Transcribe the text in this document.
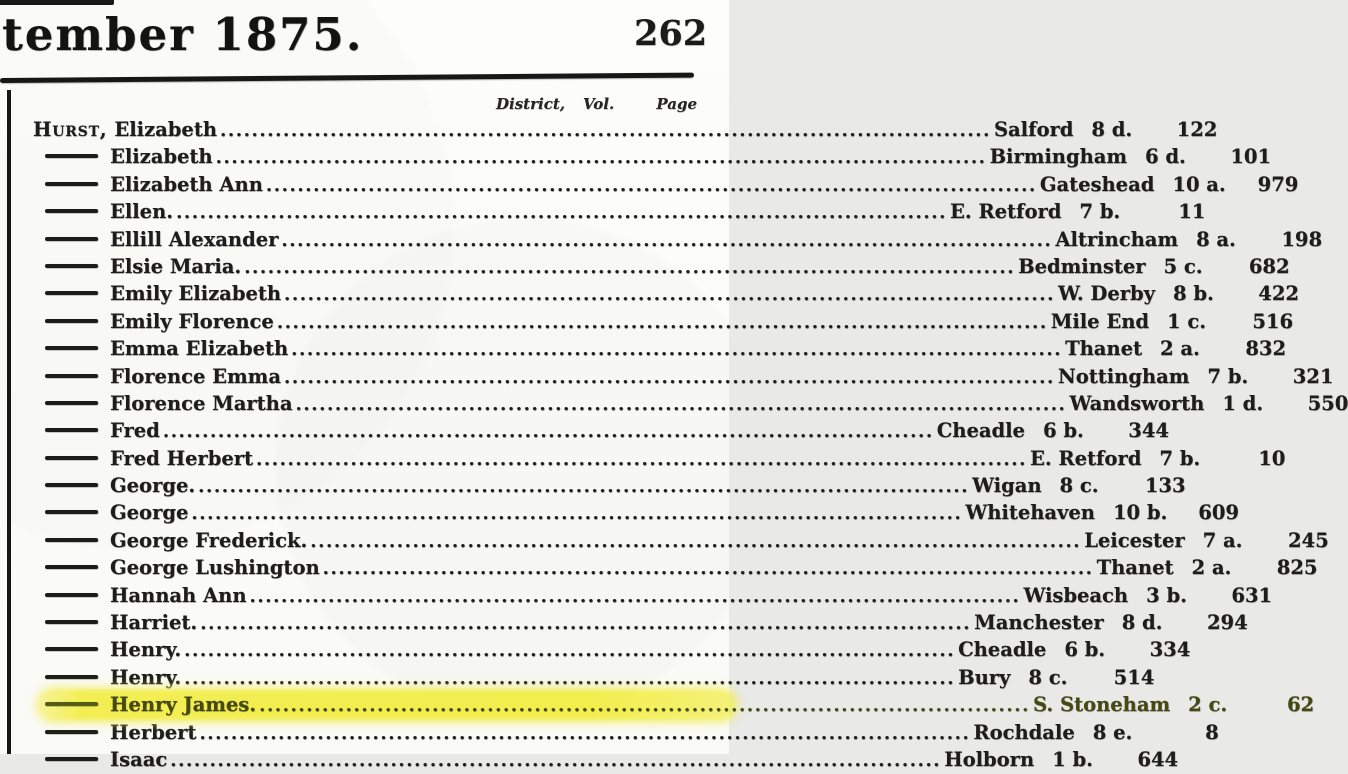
tember 1875.	262
District, Vol.	Page
Hurst, Elizabeth .....	Salford 8 d.	122
Elizabeth .....	Birmingham 6 d.	101
Elizabeth Ann .....	Gateshead 10 a.	979
Ellen. .....	E. Retford 7 b.	11
Ellill Alexander .....	Altrincham 8 a.	198
Elsie Maria. .....	Bedminster 5 c.	682
Emily Elizabeth .....	W. Derby 8 b.	422
Emily Florence .....	Mile End 1 c.	516
Emma Elizabeth .....	Thanet 2 a.	832
Florence Emma .....	Nottingham 7 b.	321
Florence Martha .....	Wandsworth 1 d.	550
Fred .....	Cheadle 6 b.	344
Fred Herbert .....	E. Retford 7 b.	10
George. .....	Wigan 8 c.	133
George .....	Whitehaven 10 b.	609
George Frederick. .....	Leicester 7 a.	245
George Lushington .....	Thanet 2 a.	825
Hannah Ann .....	Wisbeach 3 b.	631
Harriet. .....	Manchester 8 d.	294
Henry. .....	Cheadle 6 b.	334
Henry. .....	Bury 8 c.	514
Henry James. .....	S. Stoneham 2 c.	62
Herbert .....	Rochdale 8 e.	8
Isaac .....	Holborn 1 b.	644
